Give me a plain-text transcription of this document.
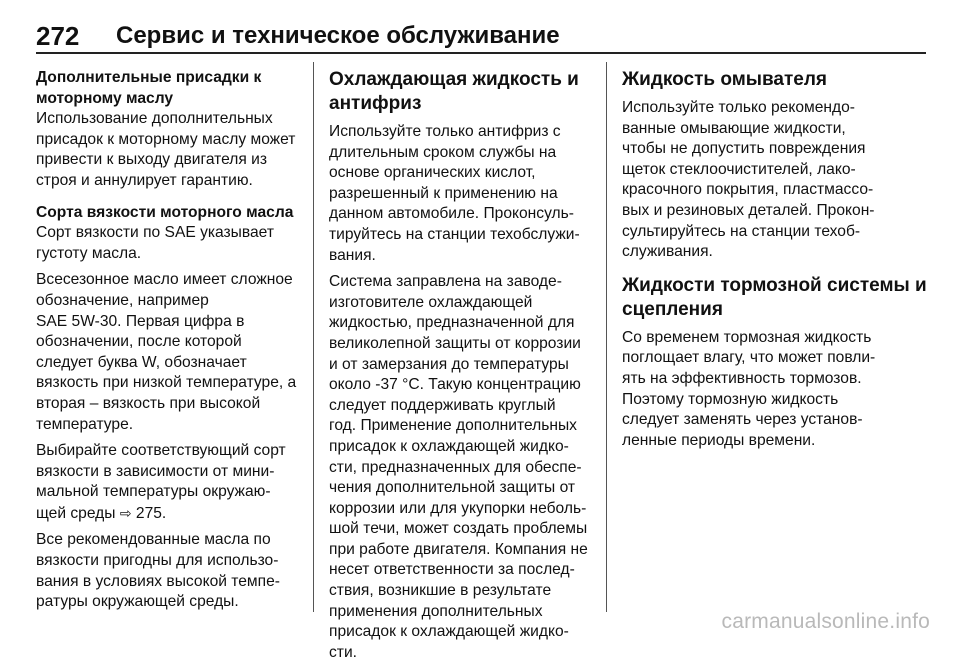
272	Сервис и техническое обслуживание
Дополнительные присадки к
моторному маслу

Использование дополнительных
присадок к моторному маслу может
привести к выходу двигателя из
строя и аннулирует гарантию.

Сорта вязкости моторного масла

Сорт вязкости по SAE указывает
густоту масла.

Всесезонное масло имеет сложное
обозначение, например
SAE 5W-30. Первая цифра в
обозначении, после которой
следует буква W, обозначает
вязкость при низкой температуре, а
вторая – вязкость при высокой
температуре.

Выбирайте соответствующий сорт
вязкости в зависимости от мини-
мальной температуры окружаю-
щей среды ⇨ 275.

Все рекомендованные масла по
вязкости пригодны для использо-
вания в условиях высокой темпе-
ратуры окружающей среды.

Охлаждающая жидкость и
антифриз

Используйте только антифриз с
длительным сроком службы на
основе органических кислот,
разрешенный к применению на
данном автомобиле. Проконсуль-
тируйтесь на станции техобслужи-
вания.

Система заправлена на заводе-
изготовителе охлаждающей
жидкостью, предназначенной для
великолепной защиты от коррозии
и от замерзания до температуры
около -37 °C. Такую концентрацию
следует поддерживать круглый
год. Применение дополнительных
присадок к охлаждающей жидко-
сти, предназначенных для обеспе-
чения дополнительной защиты от
коррозии или для укупорки неболь-
шой течи, может создать проблемы
при работе двигателя. Компания не
несет ответственности за послед-
ствия, возникшие в результате
применения дополнительных
присадок к охлаждающей жидко-
сти.

Жидкость омывателя

Используйте только рекомендо-
ванные омывающие жидкости,
чтобы не допустить повреждения
щеток стеклоочистителей, лако-
красочного покрытия, пластмассо-
вых и резиновых деталей. Прокон-
сультируйтесь на станции техоб-
служивания.

Жидкости тормозной системы и
сцепления

Со временем тормозная жидкость
поглощает влагу, что может повли-
ять на эффективность тормозов.
Поэтому тормозную жидкость
следует заменять через установ-
ленные периоды времени.

carmanualsonline.info
